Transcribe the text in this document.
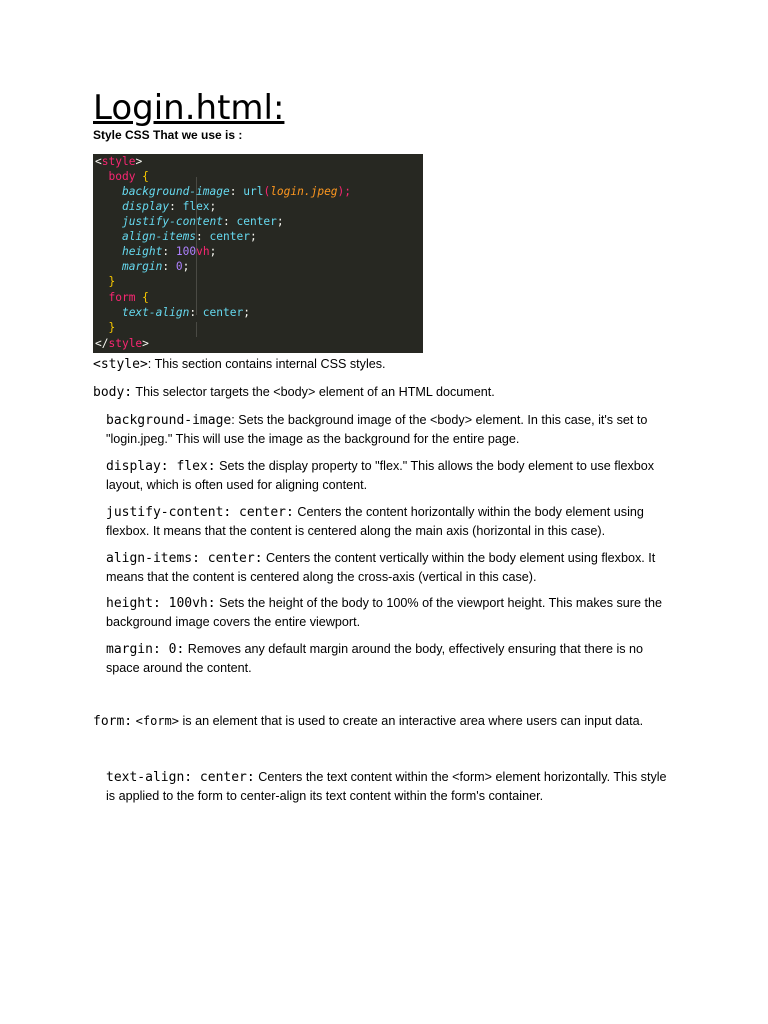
Login.html:
Style CSS That we use is :
<style>
body {
background-image: url(login.jpeg);
display: flex;
justify-content: center;
align-items: center;
height: 100vh;
margin: 0;
}
form {
text-align: center;
}
</style>
<style>: This section contains internal CSS styles.
body: This selector targets the <body> element of an HTML document.
background-image: Sets the background image of the <body> element. In this case, it's set to "login.jpeg." This will use the image as the background for the entire page.
display: flex: Sets the display property to "flex." This allows the body element to use flexbox layout, which is often used for aligning content.
justify-content: center: Centers the content horizontally within the body element using flexbox. It means that the content is centered along the main axis (horizontal in this case).
align-items: center: Centers the content vertically within the body element using flexbox. It means that the content is centered along the cross-axis (vertical in this case).
height: 100vh: Sets the height of the body to 100% of the viewport height. This makes sure the background image covers the entire viewport.
margin: 0: Removes any default margin around the body, effectively ensuring that there is no space around the content.
form: <form> is an element that is used to create an interactive area where users can input data.
text-align: center: Centers the text content within the <form> element horizontally. This style is applied to the form to center-align its text content within the form's container.
